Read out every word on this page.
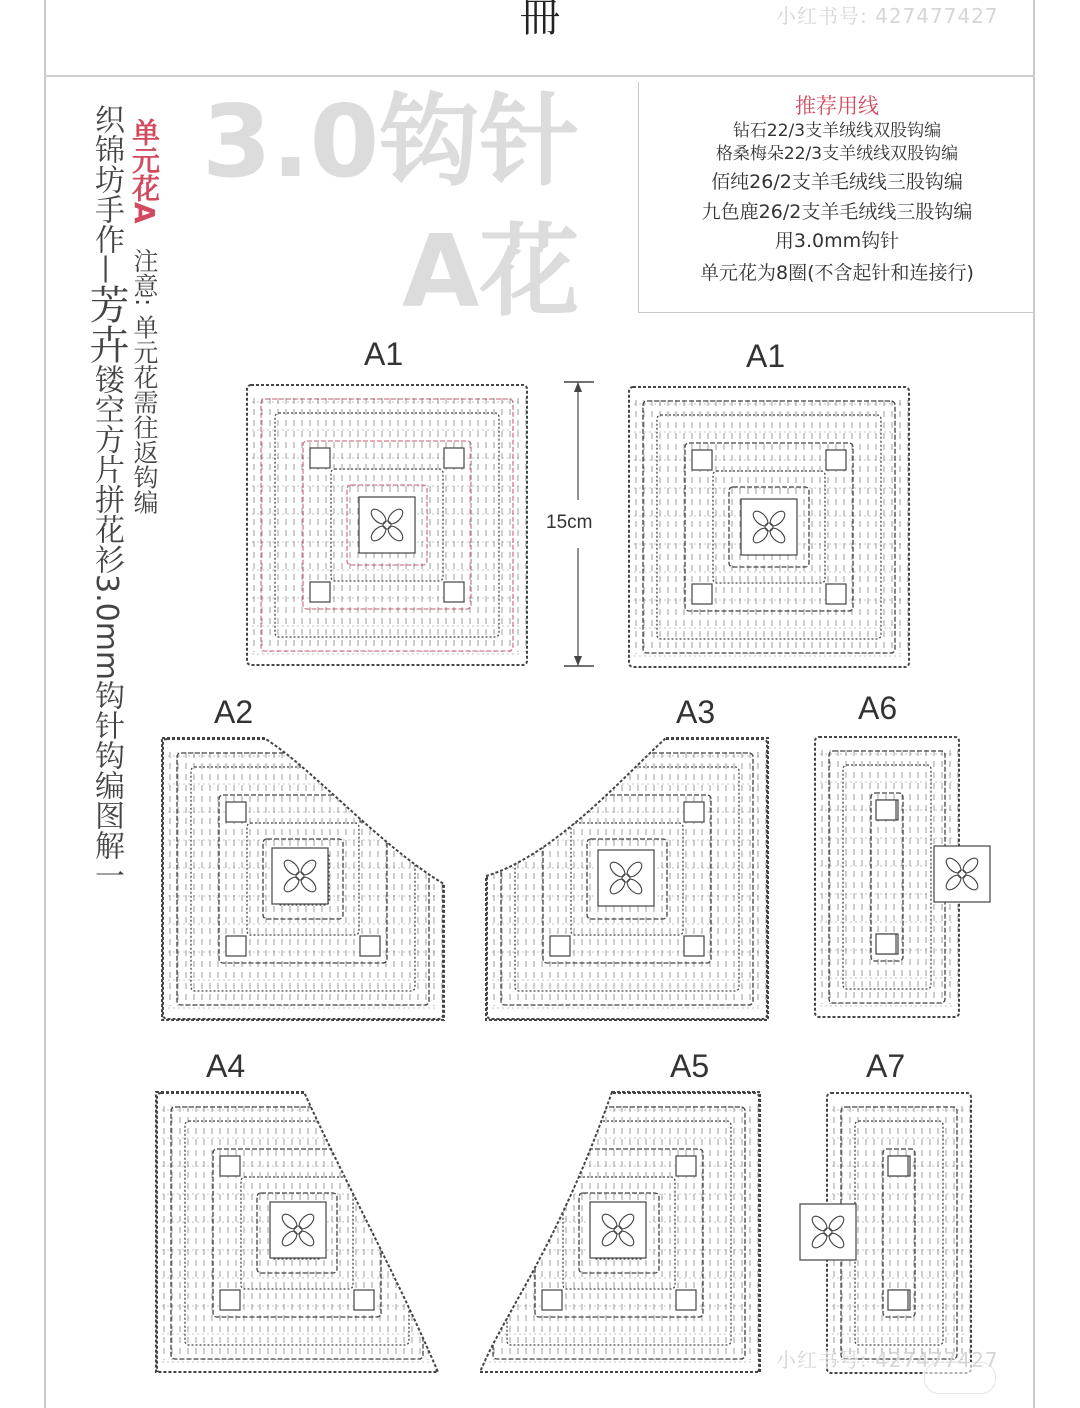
冊	小红书号: 427477427
3.0钩针
A花
单元花A
注意: 单元花需往返钩编
织锦坊手作—芳卉镂空方片拼花衫3.0mm钩针钩编图解一
推荐用线
钻石22/3支羊绒线双股钩编
格桑梅朵22/3支羊绒线双股钩编
佰纯26/2支羊毛绒线三股钩编
九色鹿26/2支羊毛绒线三股钩编
用3.0mm钩针
单元花为8圈(不含起针和连接行)
A1	A1
A2	A3	A6
A4	A5	A7
15cm
小红书号: 427477427
